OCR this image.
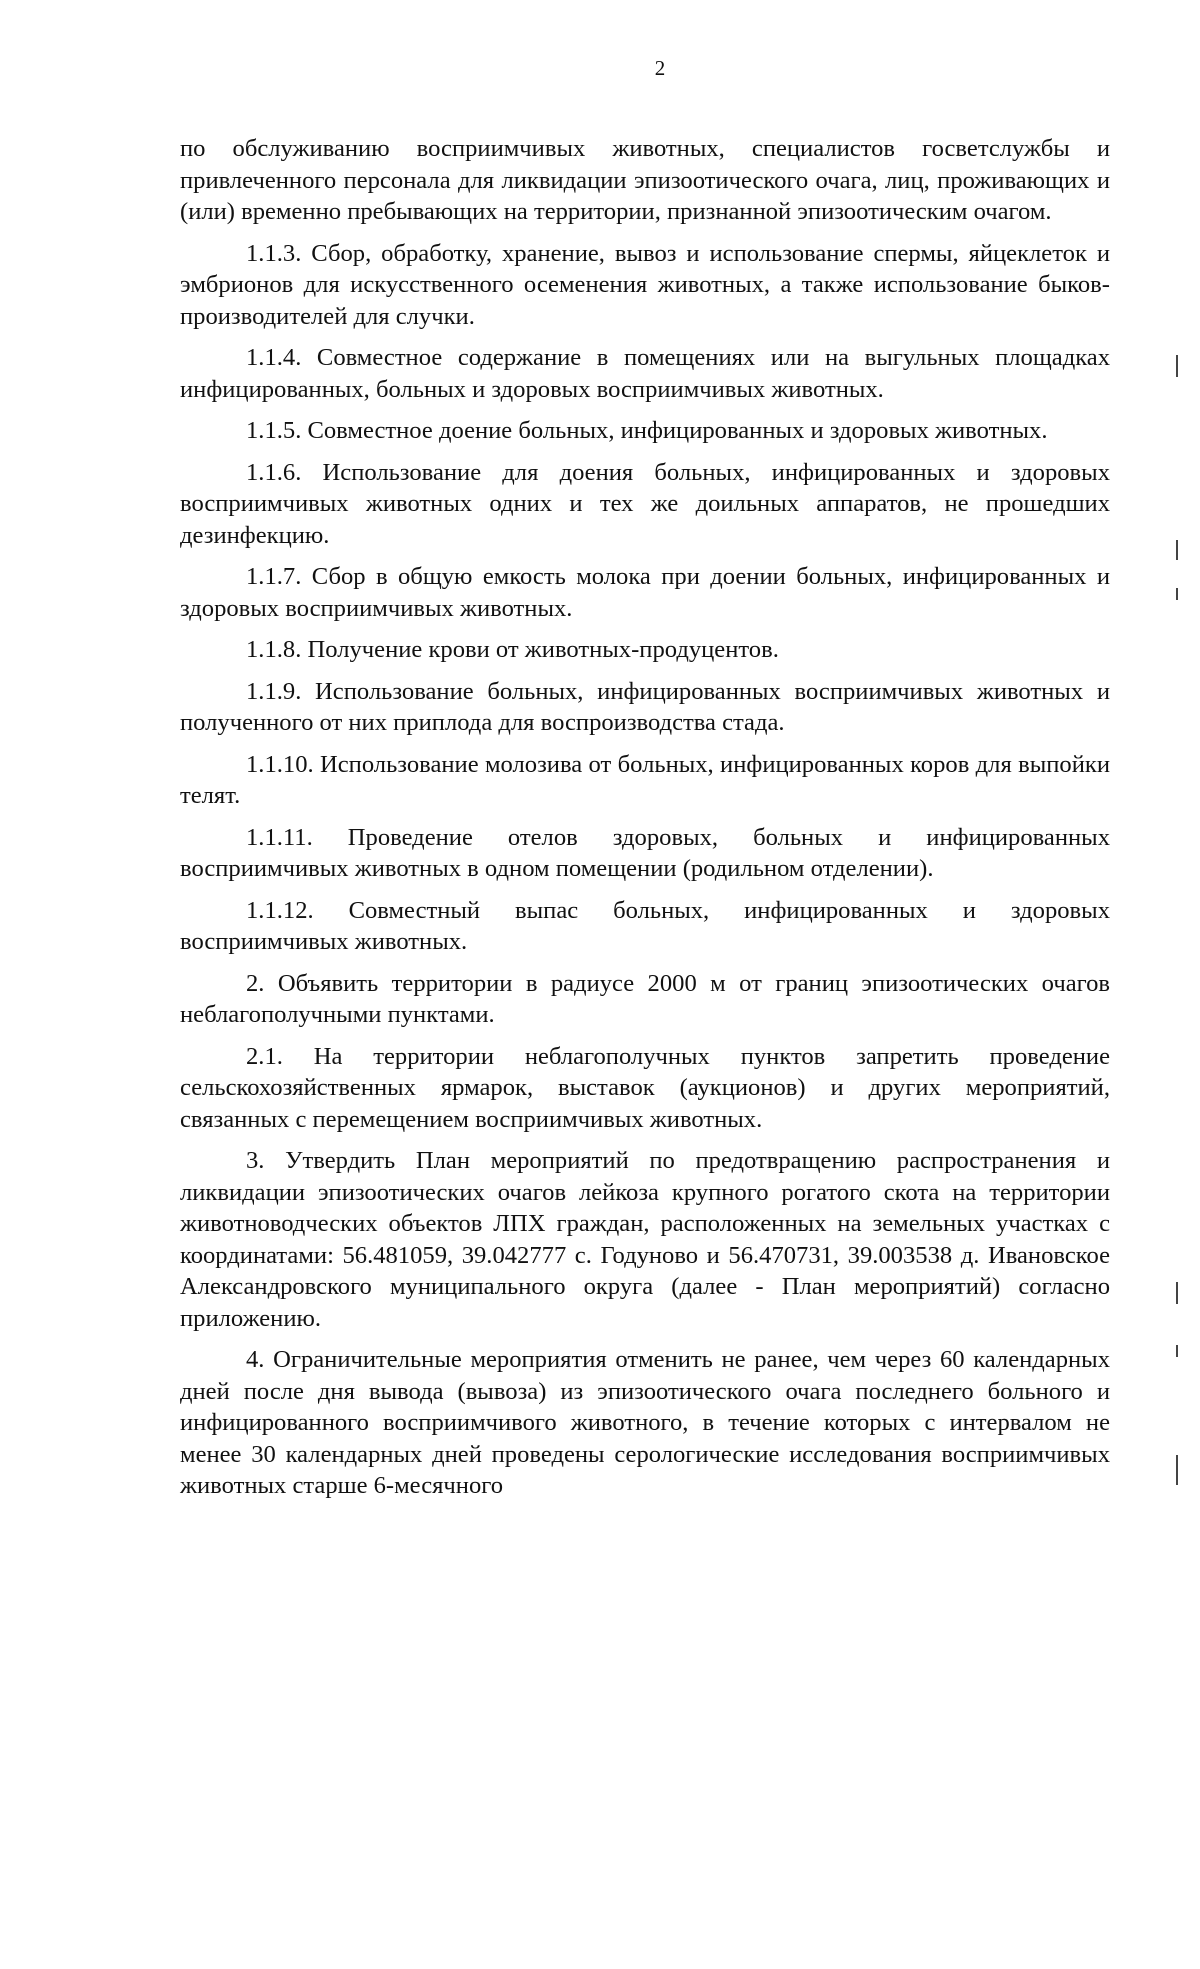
2

по обслуживанию восприимчивых животных, специалистов госветслужбы и привлеченного персонала для ликвидации эпизоотического очага, лиц, проживающих и (или) временно пребывающих на территории, признанной эпизоотическим очагом.

1.1.3. Сбор, обработку, хранение, вывоз и использование спермы, яйцеклеток и эмбрионов для искусственного осеменения животных, а также использование быков-производителей для случки.

1.1.4. Совместное содержание в помещениях или на выгульных площадках инфицированных, больных и здоровых восприимчивых животных.

1.1.5. Совместное доение больных, инфицированных и здоровых животных.

1.1.6. Использование для доения больных, инфицированных и здоровых восприимчивых животных одних и тех же доильных аппаратов, не прошедших дезинфекцию.

1.1.7. Сбор в общую емкость молока при доении больных, инфицированных и здоровых восприимчивых животных.

1.1.8. Получение крови от животных-продуцентов.

1.1.9. Использование больных, инфицированных восприимчивых животных и полученного от них приплода для воспроизводства стада.

1.1.10. Использование молозива от больных, инфицированных коров для выпойки телят.

1.1.11. Проведение отелов здоровых, больных и инфицированных восприимчивых животных в одном помещении (родильном отделении).

1.1.12. Совместный выпас больных, инфицированных и здоровых восприимчивых животных.

2. Объявить территории в радиусе 2000 м от границ эпизоотических очагов неблагополучными пунктами.

2.1. На территории неблагополучных пунктов запретить проведение сельскохозяйственных ярмарок, выставок (аукционов) и других мероприятий, связанных с перемещением восприимчивых животных.

3. Утвердить План мероприятий по предотвращению распространения и ликвидации эпизоотических очагов лейкоза крупного рогатого скота на территории животноводческих объектов ЛПХ граждан, расположенных на земельных участках с координатами: 56.481059, 39.042777 с. Годуново и 56.470731, 39.003538 д. Ивановское Александровского муниципального округа (далее - План мероприятий) согласно приложению.

4. Ограничительные мероприятия отменить не ранее, чем через 60 календарных дней после дня вывода (вывоза) из эпизоотического очага последнего больного и инфицированного восприимчивого животного, в течение которых с интервалом не менее 30 календарных дней проведены серологические исследования восприимчивых животных старше 6-месячного
